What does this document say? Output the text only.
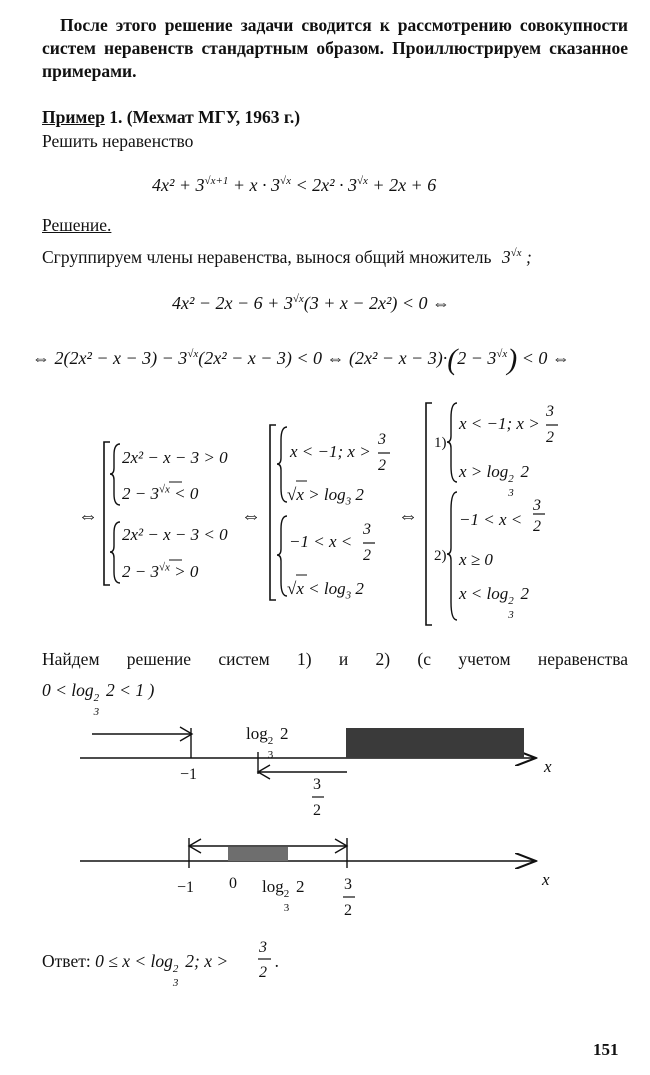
После этого решение задачи сводится к рассмотрению совокупности систем неравенств стандартным образом. Проиллюстрируем сказанное примерами.
Пример 1. (Мехмат МГУ, 1963 г.)
Решить неравенство
$4x^2 + 3^{√x+1} + x \cdot 3^{√x} < 2x^2 \cdot 3^{√x} + 2x + 6$
Решение.
Сгруппируем члены неравенства, вынося общий множитель $3^{√x}$ ;
$4x^2 - 2x - 6 + 3^{√x}(3 + x - 2x^2) < 0$ ⇔
⇔ $2(2x^2 - x - 3) - 3^{√x}(2x^2 - x - 3) < 0$ ⇔ $(2x^2 - x - 3)\cdot(2 - 3^{√x}) < 0$ ⇔
⇔
2x² − x − 3 > 0
$2 - 3^{√x} < 0$
2x² − x − 3 < 0
$2 - 3^{√x} > 0$
⇔
x < −1; x >
3
2
$√x > \log_3 2$
−1 < x <
3
2
$√x < \log_3 2$
⇔
1)
x < −1; x >
3
2
x > log 2
3
2
2)
−1 < x <
3
2
x ≥ 0
x < log 2
3
2
Найдем решение систем 1) и 2) (с учетом неравенства
0 < log 2
3
2 < 1 )
−1
log 2
3
2
3
2
x
−1 0 log 2
3
2 3
2
x
Ответ: 0 ≤ x < log 2
3
2; x >
3
2
.
151
